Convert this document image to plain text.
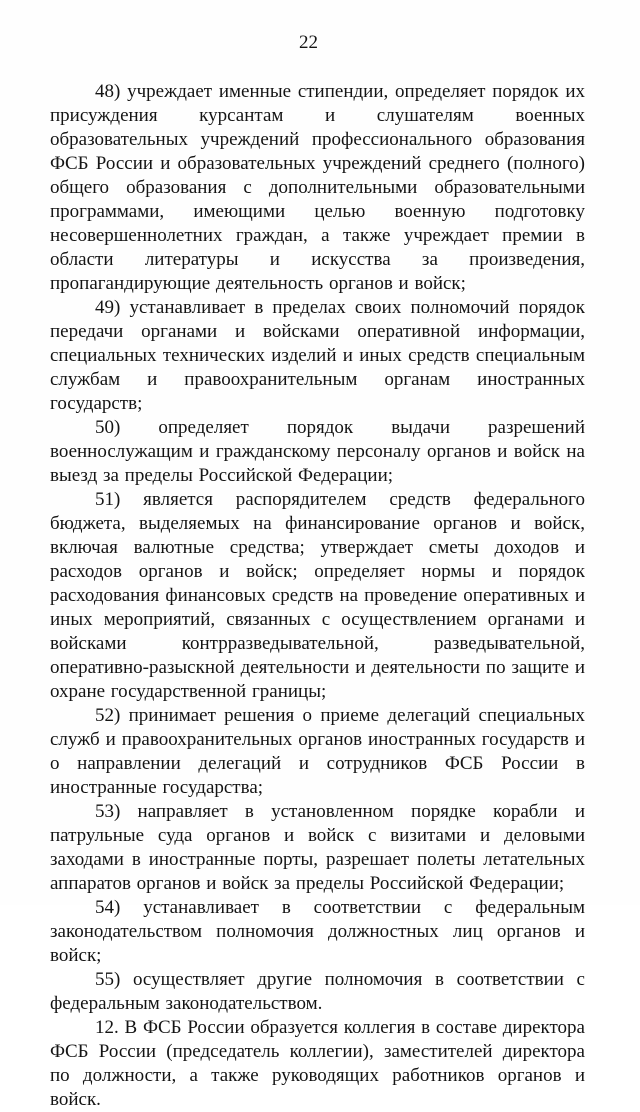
22

48) учреждает именные стипендии, определяет порядок их присуждения курсантам и слушателям военных образовательных учреждений профессионального образования ФСБ России и образовательных учреждений среднего (полного) общего образования с дополнительными образовательными программами, имеющими целью военную подготовку несовершеннолетних граждан, а также учреждает премии в области литературы и искусства за произведения, пропагандирующие деятельность органов и войск;

49) устанавливает в пределах своих полномочий порядок передачи органами и войсками оперативной информации, специальных технических изделий и иных средств специальным службам и правоохранительным органам иностранных государств;

50) определяет порядок выдачи разрешений военнослужащим и гражданскому персоналу органов и войск на выезд за пределы Российской Федерации;

51) является распорядителем средств федерального бюджета, выделяемых на финансирование органов и войск, включая валютные средства; утверждает сметы доходов и расходов органов и войск; определяет нормы и порядок расходования финансовых средств на проведение оперативных и иных мероприятий, связанных с осуществлением органами и войсками контрразведывательной, разведывательной, оперативно-разыскной деятельности и деятельности по защите и охране государственной границы;

52) принимает решения о приеме делегаций специальных служб и правоохранительных органов иностранных государств и о направлении делегаций и сотрудников ФСБ России в иностранные государства;

53) направляет в установленном порядке корабли и патрульные суда органов и войск с визитами и деловыми заходами в иностранные порты, разрешает полеты летательных аппаратов органов и войск за пределы Российской Федерации;

54) устанавливает в соответствии с федеральным законодательством полномочия должностных лиц органов и войск;

55) осуществляет другие полномочия в соответствии с федеральным законодательством.

12. В ФСБ России образуется коллегия в составе директора ФСБ России (председатель коллегии), заместителей директора по должности, а также руководящих работников органов и войск.
